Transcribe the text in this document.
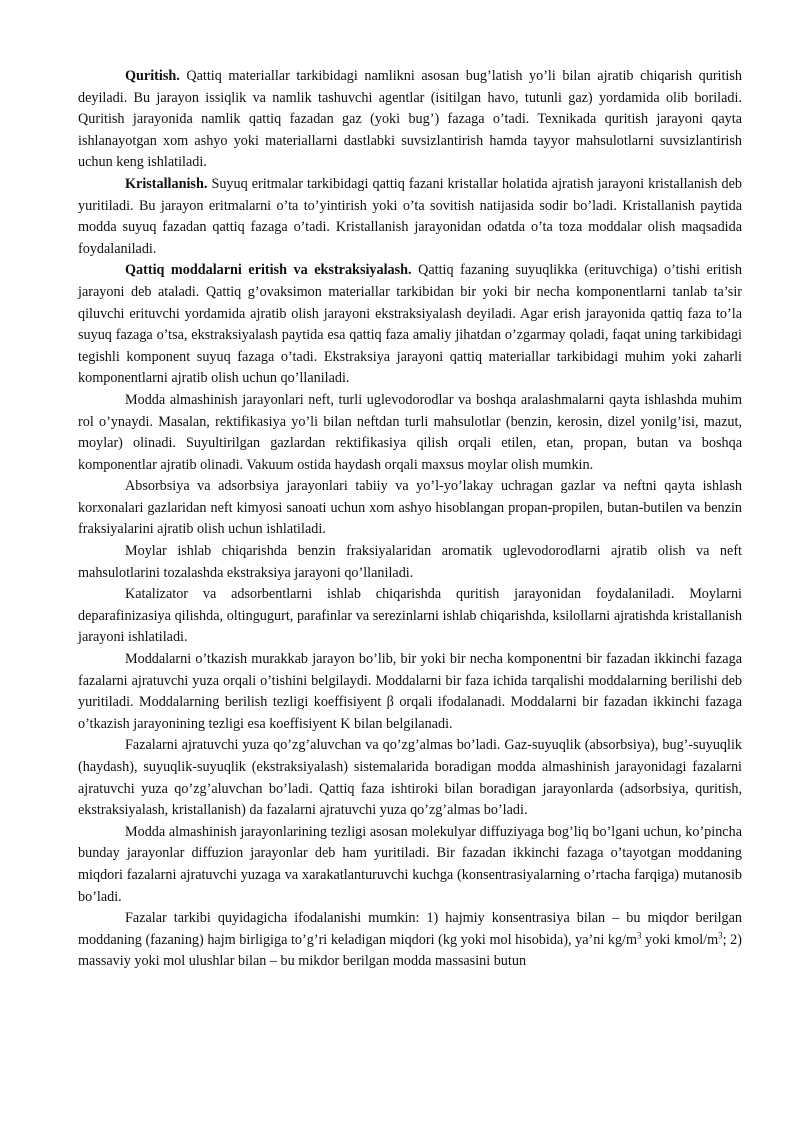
Quritish. Qattiq materiallar tarkibidagi namlikni asosan bug’latish yo’li bilan ajratib chiqarish quritish deyiladi. Bu jarayon issiqlik va namlik tashuvchi agentlar (isitilgan havo, tutunli gaz) yordamida olib boriladi. Quritish jarayonida namlik qattiq fazadan gaz (yoki bug’) fazaga o’tadi. Texnikada quritish jarayoni qayta ishlanayotgan xom ashyo yoki materiallarni dastlabki suvsizlantirish hamda tayyor mahsulotlarni suvsizlantirish uchun keng ishlatiladi.

Kristallanish. Suyuq eritmalar tarkibidagi qattiq fazani kristallar holatida ajratish jarayoni kristallanish deb yuritiladi. Bu jarayon eritmalarni o’ta to’yintirish yoki o’ta sovitish natijasida sodir bo’ladi. Kristallanish paytida modda suyuq fazadan qattiq fazaga o’tadi. Kristallanish jarayonidan odatda o’ta toza moddalar olish maqsadida foydalaniladi.

Qattiq moddalarni eritish va ekstraksiyalash. Qattiq fazaning suyuqlikka (erituvchiga) o’tishi eritish jarayoni deb ataladi. Qattiq g’ovaksimon materiallar tarkibidan bir yoki bir necha komponentlarni tanlab ta’sir qiluvchi erituvchi yordamida ajratib olish jarayoni ekstraksiyalash deyiladi. Agar erish jarayonida qattiq faza to’la suyuq fazaga o’tsa, ekstraksiyalash paytida esa qattiq faza amaliy jihatdan o’zgarmay qoladi, faqat uning tarkibidagi tegishli komponent suyuq fazaga o’tadi. Ekstraksiya jarayoni qattiq materiallar tarkibidagi muhim yoki zaharli komponentlarni ajratib olish uchun qo’llaniladi.

Modda almashinish jarayonlari neft, turli uglevodorodlar va boshqa aralashmalarni qayta ishlashda muhim rol o’ynaydi. Masalan, rektifikasiya yo’li bilan neftdan turli mahsulotlar (benzin, kerosin, dizel yonilg’isi, mazut, moylar) olinadi. Suyultirilgan gazlardan rektifikasiya qilish orqali etilen, etan, propan, butan va boshqa komponentlar ajratib olinadi. Vakuum ostida haydash orqali maxsus moylar olish mumkin.

Absorbsiya va adsorbsiya jarayonlari tabiiy va yo’l-yo’lakay uchragan gazlar va neftni qayta ishlash korxonalari gazlaridan neft kimyosi sanoati uchun xom ashyo hisoblangan propan-propilen, butan-butilen va benzin fraksiyalarini ajratib olish uchun ishlatiladi.

Moylar ishlab chiqarishda benzin fraksiyalaridan aromatik uglevodorodlarni ajratib olish va neft mahsulotlarini tozalashda ekstraksiya jarayoni qo’llaniladi.

Katalizator va adsorbentlarni ishlab chiqarishda quritish jarayonidan foydalaniladi. Moylarni deparafinizasiya qilishda, oltingugurt, parafinlar va serezinlarni ishlab chiqarishda, ksilollarni ajratishda kristallanish jarayoni ishlatiladi.

Moddalarni o’tkazish murakkab jarayon bo’lib, bir yoki bir necha komponentni bir fazadan ikkinchi fazaga fazalarni ajratuvchi yuza orqali o’tishini belgilaydi. Moddalarni bir faza ichida tarqalishi moddalarning berilishi deb yuritiladi. Moddalarning berilish tezligi koeffisiyent β orqali ifodalanadi. Moddalarni bir fazadan ikkinchi fazaga o’tkazish jarayonining tezligi esa koeffisiyent K bilan belgilanadi.

Fazalarni ajratuvchi yuza qo’zg’aluvchan va qo’zg’almas bo’ladi. Gaz-suyuqlik (absorbsiya), bug’-suyuqlik (haydash), suyuqlik-suyuqlik (ekstraksiyalash) sistemalarida boradigan modda almashinish jarayonidagi fazalarni ajratuvchi yuza qo’zg’aluvchan bo’ladi. Qattiq faza ishtiroki bilan boradigan jarayonlarda (adsorbsiya, quritish, ekstraksiyalash, kristallanish) da fazalarni ajratuvchi yuza qo’zg’almas bo’ladi.

Modda almashinish jarayonlarining tezligi asosan molekulyar diffuziyaga bog’liq bo’lgani uchun, ko’pincha bunday jarayonlar diffuzion jarayonlar deb ham yuritiladi. Bir fazadan ikkinchi fazaga o’tayotgan moddaning miqdori fazalarni ajratuvchi yuzaga va xarakatlanturuvchi kuchga (konsentrasiyalarning o’rtacha farqiga) mutanosib bo’ladi.

Fazalar tarkibi quyidagicha ifodalanishi mumkin: 1) hajmiy konsentrasiya bilan – bu miqdor berilgan moddaning (fazaning) hajm birligiga to’g’ri keladigan miqdori (kg yoki mol hisobida), ya’ni $kg/m^3$ yoki kmol/$m^3$; 2) massaviy yoki mol ulushlar bilan – bu mikdor berilgan modda massasini butun
